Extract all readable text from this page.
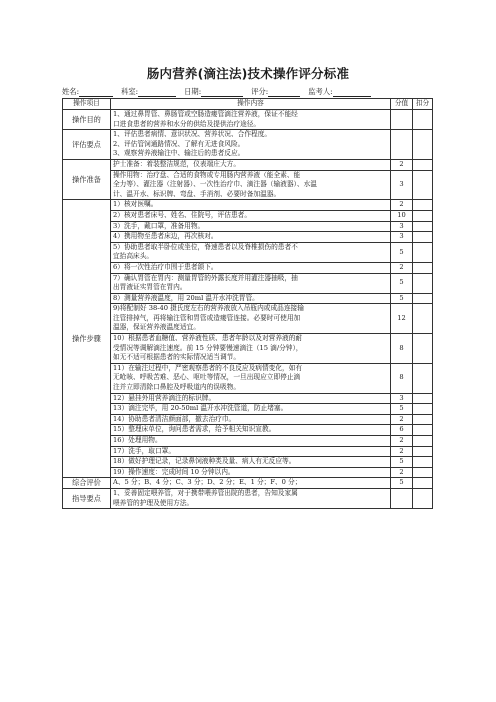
肠内营养(滴注法)技术操作评分标准
姓名:	科室:	日期:	评分:	监考人:
操作项目	操作内容	分值	扣分
操作目的	1、通过鼻胃管、鼻肠管或空肠造瘘管滴注营养液，保证不能经
口进食患者的营养和水分的供给及提供治疗途径。		

评估要点	1、评估患者病情、意识状况、营养状况、合作程度。
2、评估管饲通路情况、了解有无进食风险。
3、观察营养液输注中、输注后的患者反应。		

操作准备	护士准备：着装整洁规范，仪表端庄大方。	2	

	操作用物：治疗盘、合适的食物或专用肠内营养液（能全素、能
全力等）、灌注器（注射器）、一次性治疗巾、滴注器（输液器）、水温
计、温开水、标识牌、弯盘、手消剂、必要时备加温器。	3	
操作步骤	1）核对医嘱。	2	

	2）核对患者床号、姓名、住院号，评估患者。	10	

	3）洗手，戴口罩，准备用物。	3	

	4）携用物至患者床边，再次核对。	3	

	5）协助患者取半卧位或坐位，脊速患者以及脊椎损伤的患者不
宜抬高床头。	5	

	6）将一次性治疗巾围于患者颌下。	2	

	7）确认胃管在胃内：测量胃管的外露长度并用灌注器抽吸，抽
出胃液证实胃管在胃内。	5	

	8）测量营养液温度，用 20ml 温开水冲洗胃管。	5	

	9)将配制好 38-40 摄氏度左右的营养液放入吊瓶内或成品连接输
注管排掉气，再将输注管和胃管或造瘘管连接。必要时可使用加
温器，保证营养液温度适宜。	12	

	10）根据患者血糖值、营养液性质、患者年龄以及对营养液的耐
受情况等调解滴注速度。前 15 分钟要慢速滴注（15 滴/分钟），
如无不适可根据患者的实际情况适当调节。	8	

	11）在输注过程中，严密观察患者的不良反应及病情变化，如有
无呛咳、呼吸苦难、恶心、呕吐等情况，一旦出现应立即停止滴
注并立即清除口鼻腔及呼吸道内的误吸物。	8	

	12）悬挂外用营养滴注的标识牌。	3	

	13）滴注完毕，用 20-50ml 温开水冲洗管道，防止堵塞。	5	

	14）协助患者清洁颜面部，撤去治疗巾。	2	

	15）整理床单位，询问患者需求，给予相关知识宣教。	6	

	16）处理用物。	2	

	17）洗手，取口罩。	2	

	18）做好护理记录，记录鼻饲液种类及量、病人有无反应等。	5	

	19）操作速度：完成时间 10 分钟以内。	2	
综合评价	A、5 分；B、4 分；C、3 分；D、2 分；E、1 分；F、0 分；	5	
指导要点	1、妥善固定喂养管，对于携带喂养管出院的患者，告知及家属
喂养管的护理及使用方法。		
